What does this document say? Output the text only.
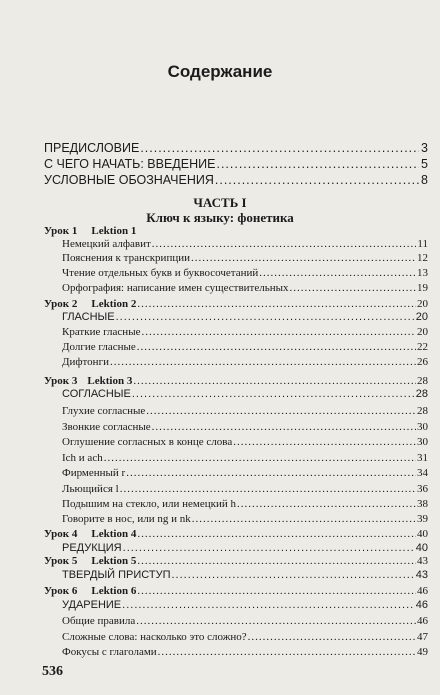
Содержание
ПРЕДИСЛОВИЕ .....	3
С ЧЕГО НАЧАТЬ: ВВЕДЕНИЕ .....	5
УСЛОВНЫЕ ОБОЗНАЧЕНИЯ .....	8
ЧАСТЬ I
Ключ к языку: фонетика
Урок 1 Lektion 1
Немецкий алфавит .....	11
Пояснения к транскрипции .....	12
Чтение отдельных букв и буквосочетаний .....	13
Орфография: написание имен существительных .....	19
Урок 2 Lektion 2 .....	20
ГЛАСНЫЕ .....	20
Краткие гласные .....	20
Долгие гласные .....	22
Дифтонги .....	26
Урок 3 Lektion 3 .....	28
СОГЛАСНЫЕ .....	28
Глухие согласные .....	28
Звонкие согласные .....	30
Оглушение согласных в конце слова .....	30
Ich и ach .....	31
Фирменный r .....	34
Льющийся l .....	36
Подышим на стекло, или немецкий h .....	38
Говорите в нос, или ng и nk .....	39
Урок 4 Lektion 4 .....	40
РЕДУКЦИЯ .....	40
Урок 5 Lektion 5 .....	43
ТВЕРДЫЙ ПРИСТУП .....	43
Урок 6 Lektion 6 .....	46
УДАРЕНИЕ .....	46
Общие правила .....	46
Сложные слова: насколько это сложно? .....	47
Фокусы с глаголами .....	49
536
